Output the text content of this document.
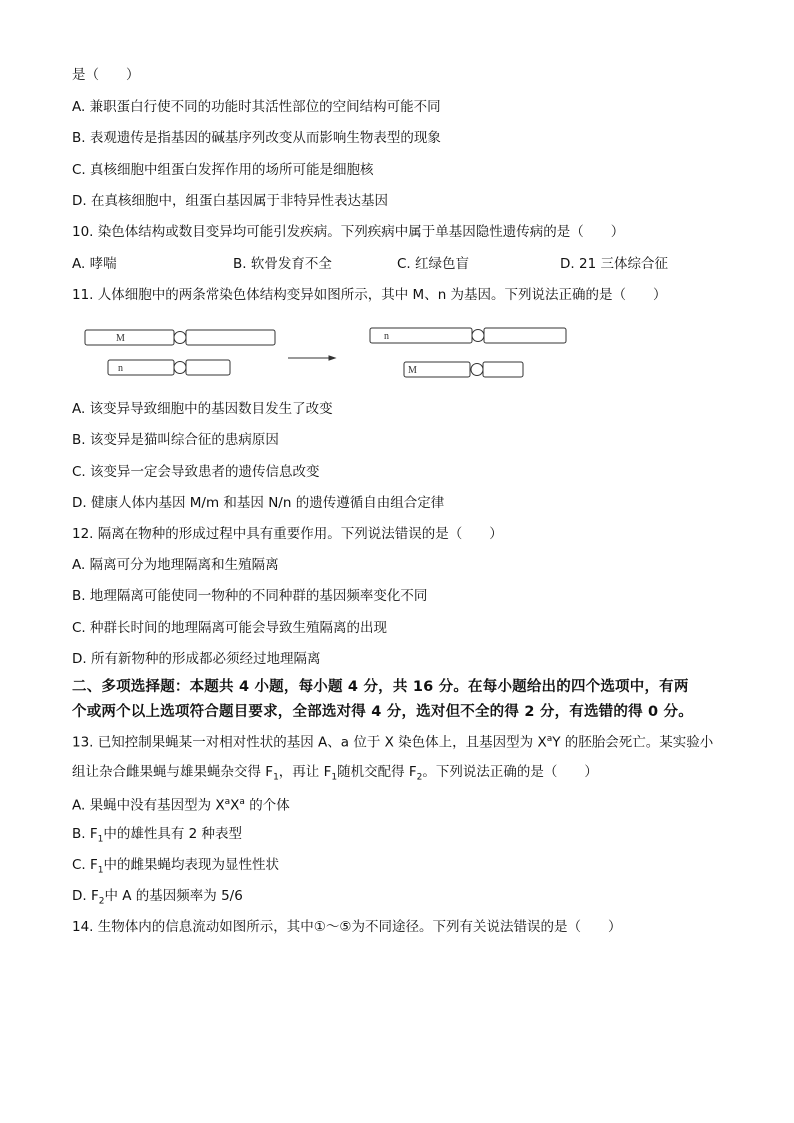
是（　　）
A. 兼职蛋白行使不同的功能时其活性部位的空间结构可能不同
B. 表观遗传是指基因的碱基序列改变从而影响生物表型的现象
C. 真核细胞中组蛋白发挥作用的场所可能是细胞核
D. 在真核细胞中，组蛋白基因属于非特异性表达基因
10. 染色体结构或数目变异均可能引发疾病。下列疾病中属于单基因隐性遗传病的是（　　）
A. 哮喘	B. 软骨发育不全	C. 红绿色盲	D. 21 三体综合征
11. 人体细胞中的两条常染色体结构变异如图所示，其中 M、n 为基因。下列说法正确的是（　　）
M
n
n
M
A. 该变异导致细胞中的基因数目发生了改变
B. 该变异是猫叫综合征的患病原因
C. 该变异一定会导致患者的遗传信息改变
D. 健康人体内基因 M/m 和基因 N/n 的遗传遵循自由组合定律
12. 隔离在物种的形成过程中具有重要作用。下列说法错误的是（　　）
A. 隔离可分为地理隔离和生殖隔离
B. 地理隔离可能使同一物种的不同种群的基因频率变化不同
C. 种群长时间的地理隔离可能会导致生殖隔离的出现
D. 所有新物种的形成都必须经过地理隔离
二、多项选择题：本题共 4 小题，每小题 4 分，共 16 分。在每小题给出的四个选项中，有两
个或两个以上选项符合题目要求，全部选对得 4 分，选对但不全的得 2 分，有选错的得 0 分。
13. 已知控制果蝇某一对相对性状的基因 A、a 位于 X 染色体上，且基因型为 $X^aY$ 的胚胎会死亡。某实验小
组让杂合雌果蝇与雄果蝇杂交得 $F_1$，再让 $F_1$随机交配得 $F_2$。下列说法正确的是（　　）
A. 果蝇中没有基因型为 $X^aX^a$ 的个体
B. $F_1$中的雄性具有 2 种表型
C. $F_1$中的雌果蝇均表现为显性性状
D. $F_2$中 A 的基因频率为 5/6
14. 生物体内的信息流动如图所示，其中①～⑤为不同途径。下列有关说法错误的是（　　）
